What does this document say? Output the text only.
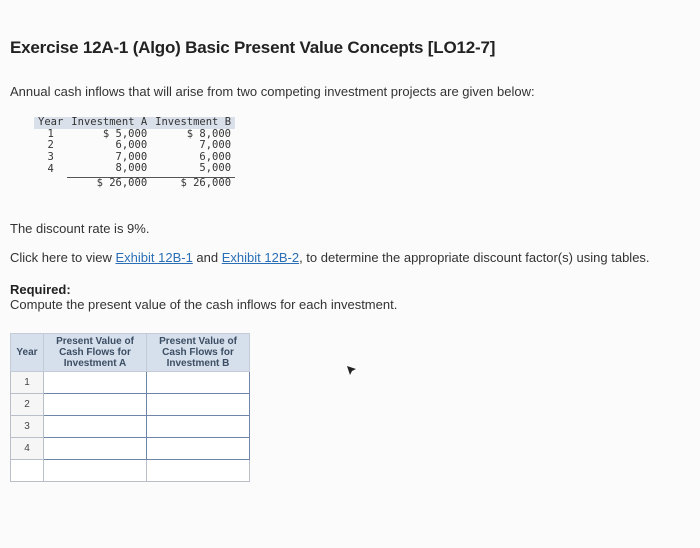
Exercise 12A-1 (Algo) Basic Present Value Concepts [LO12-7]
Annual cash inflows that will arise from two competing investment projects are given below:
Year	Investment A	Investment B
1	$ 5,000	$ 8,000
2	6,000	7,000
3	7,000	6,000
4	8,000	5,000
	$ 26,000	$ 26,000
The discount rate is 9%.
Click here to view Exhibit 12B-1 and Exhibit 12B-2, to determine the appropriate discount factor(s) using tables.
Required:
Compute the present value of the cash inflows for each investment.
Year	Present Value of Cash Flows for Investment A	Present Value of Cash Flows for Investment B
1		
2		
3		
4		
